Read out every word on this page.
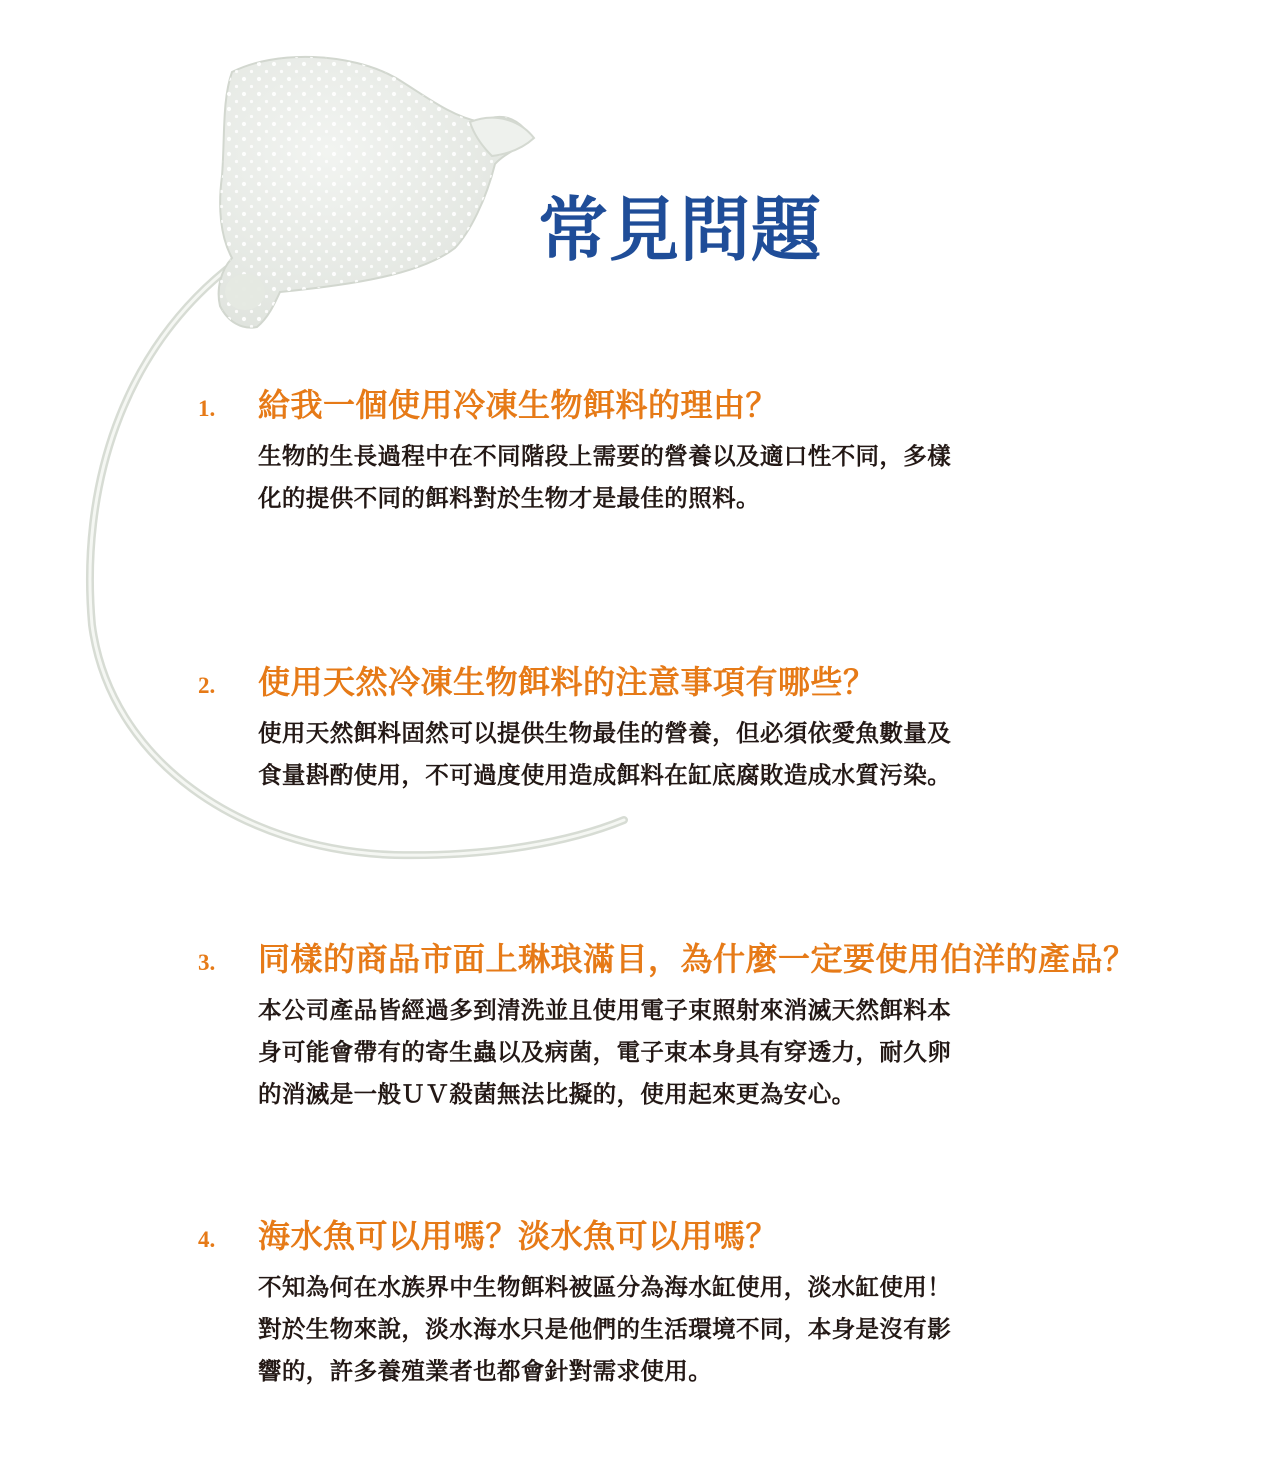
常見問題
1.	給我一個使用冷凍生物餌料的理由？

生物的生長過程中在不同階段上需要的營養以及適口性不同，多樣
化的提供不同的餌料對於生物才是最佳的照料。

2.	使用天然冷凍生物餌料的注意事項有哪些？

使用天然餌料固然可以提供生物最佳的營養，但必須依愛魚數量及
食量斟酌使用，不可過度使用造成餌料在缸底腐敗造成水質污染。

3.	同樣的商品市面上琳琅滿目，為什麼一定要使用伯洋的產品？

本公司產品皆經過多到清洗並且使用電子束照射來消滅天然餌料本
身可能會帶有的寄生蟲以及病菌，電子束本身具有穿透力，耐久卵
的消滅是一般ＵＶ殺菌無法比擬的，使用起來更為安心。

4.	海水魚可以用嗎？淡水魚可以用嗎？

不知為何在水族界中生物餌料被區分為海水缸使用，淡水缸使用！
對於生物來說，淡水海水只是他們的生活環境不同，本身是沒有影
響的，許多養殖業者也都會針對需求使用。
